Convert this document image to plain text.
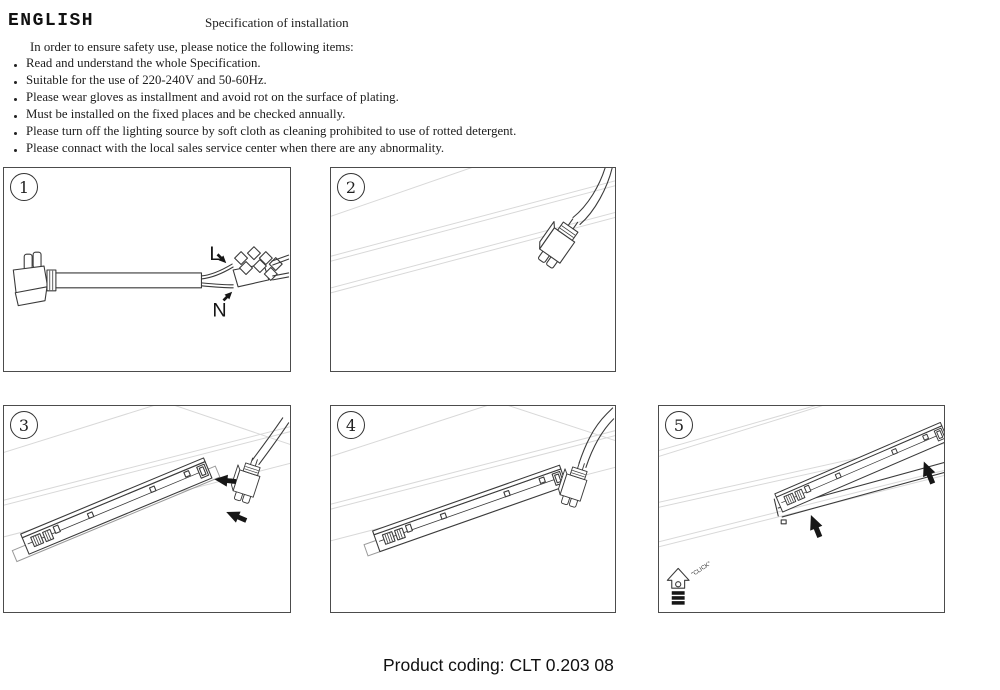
ENGLISH	Specification of installation
In order to ensure safety use, please notice the following items:
Read and understand the whole Specification.
Suitable for the use of 220-240V and 50-60Hz.
Please wear gloves as installment and avoid rot on the surface of plating.
Must be installed on the fixed places and be checked annually.
Please turn off the lighting source by soft cloth as cleaning prohibited to use of rotted detergent.
Please connact with the local sales service center when there are any abnormality.
1
L
N
2
3	4	5
"CLICK"
Product coding: CLT 0.203 08
